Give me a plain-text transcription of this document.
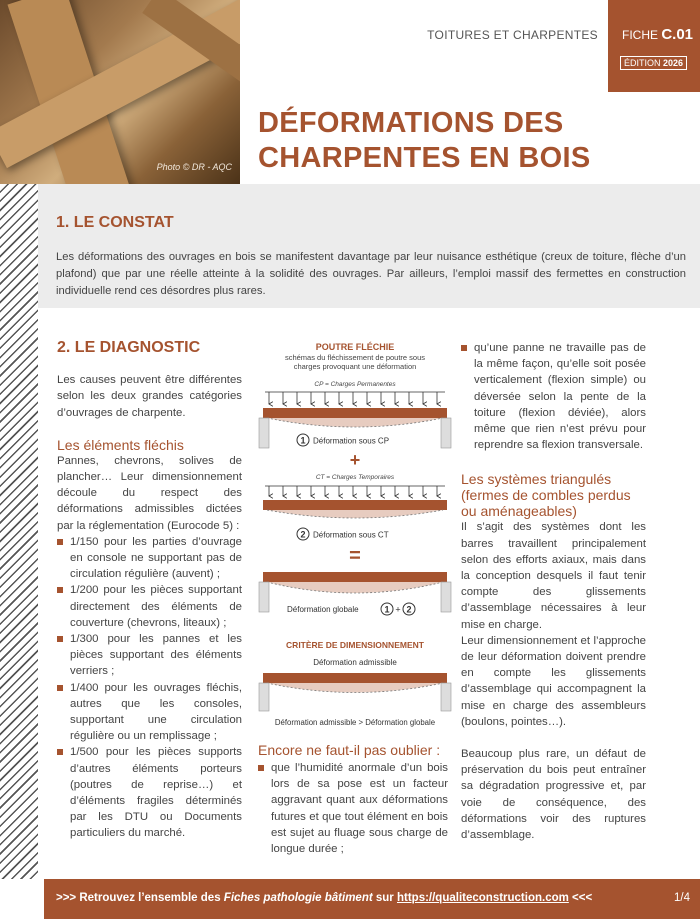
Photo © DR - AQC
TOITURES ET CHARPENTES FICHE C.01
ÉDITION 2026
DÉFORMATIONS DES
CHARPENTES EN BOIS
1. LE CONSTAT

Les déformations des ouvrages en bois se manifestent davantage par leur nuisance esthétique (creux de toiture, flèche d’un plafond) que par une réelle atteinte à la solidité des ouvrages. Par ailleurs, l’emploi massif des fermettes en construction individuelle rend ces désordres plus rares.

2. LE DIAGNOSTIC

Les causes peuvent être différentes selon les deux grandes catégories d’ouvrages de charpente.

Les éléments fléchis

Pannes, chevrons, solives de plancher… Leur dimensionnement découle du respect des déformations admissibles dictées par la réglementation (Eurocode 5) :

1/150 pour les parties d’ouvrage en console ne supportant pas de circulation régulière (auvent) ;
1/200 pour les pièces supportant directement des éléments de couverture (chevrons, liteaux) ;
1/300 pour les pannes et les pièces supportant des éléments verriers ;
1/400 pour les ouvrages fléchis, autres que les consoles, supportant une circulation régulière ou un remplissage ;
1/500 pour les pièces supports d’autres éléments porteurs (poutres de reprise…) et d’éléments fragiles déterminés par les DTU ou Documents particuliers du marché.
POUTRE FLÉCHIE
schémas du fléchissement de poutre sous
charges provoquant une déformation
CP = Charges Permanentes
1 Déformation sous CP
+
CT = Charges Temporaires
2 Déformation sous CT
=
Déformation globale	1 + 2
CRITÈRE DE DIMENSIONNEMENT
Déformation admissible
Déformation admissible > Déformation globale
Encore ne faut-il pas oublier :
que l’humidité anormale d’un bois lors de sa pose est un facteur aggravant quant aux déformations futures et que tout élément en bois est sujet au fluage sous charge de longue durée ;
qu’une panne ne travaille pas de la même façon, qu’elle soit posée verticalement (flexion simple) ou déversée selon la pente de la toiture (flexion déviée), alors même que rien n’est prévu pour reprendre sa flexion transversale.
Les systèmes triangulés (fermes de combles perdus ou aménageables)

Il s’agit des systèmes dont les barres travaillent principalement selon des efforts axiaux, mais dans la conception desquels il faut tenir compte des glissements d’assemblage nécessaires à leur mise en charge.

Leur dimensionnement et l’approche de leur déformation doivent prendre en compte les glissements d’assemblage qui accompagnent la mise en charge des assembleurs (boulons, pointes…).

Beaucoup plus rare, un défaut de préservation du bois peut entraîner sa dégradation progressive et, par voie de conséquence, des déformations voir des ruptures d’assemblage.

>>> Retrouvez l’ensemble des Fiches pathologie bâtiment sur https://qualiteconstruction.com <<<	1/4
